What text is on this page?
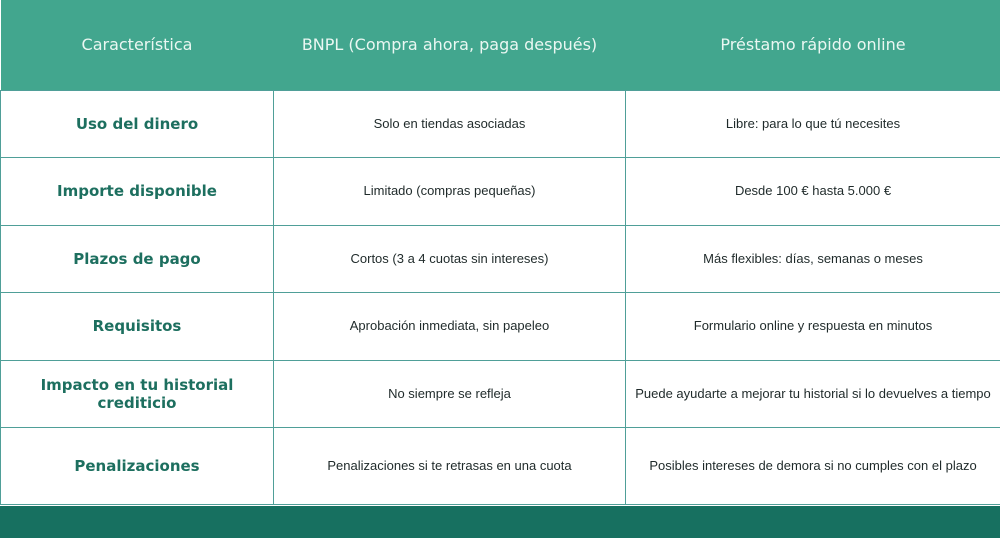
Característica	BNPL (Compra ahora, paga después)	Préstamo rápido online
Uso del dinero	Solo en tiendas asociadas	Libre: para lo que tú necesites
Importe disponible	Limitado (compras pequeñas)	Desde 100 € hasta 5.000 €
Plazos de pago	Cortos (3 a 4 cuotas sin intereses)	Más flexibles: días, semanas o meses
Requisitos	Aprobación inmediata, sin papeleo	Formulario online y respuesta en minutos
Impacto en tu historial crediticio	No siempre se refleja	Puede ayudarte a mejorar tu historial si lo devuelves a tiempo
Penalizaciones	Penalizaciones si te retrasas en una cuota	Posibles intereses de demora si no cumples con el plazo
